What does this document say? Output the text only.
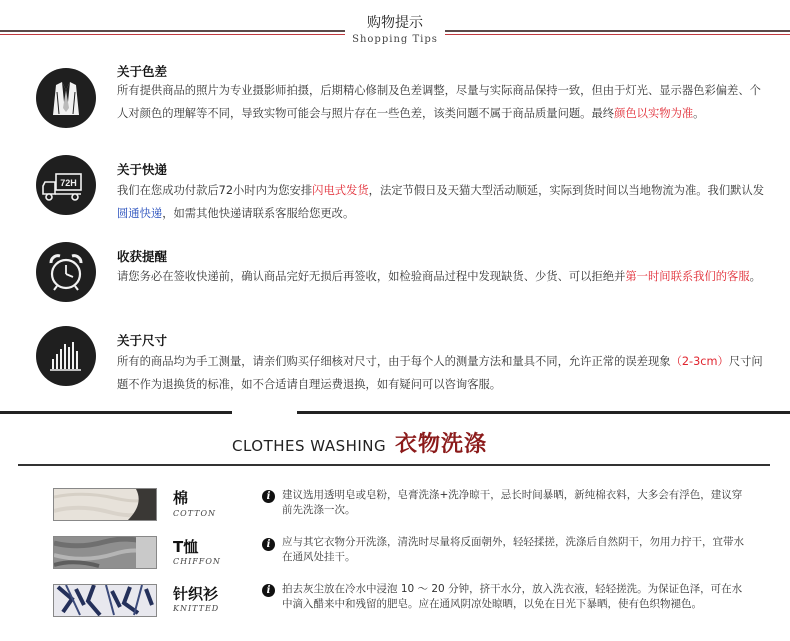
购物提示
Shopping Tips
关于色差
所有提供商品的照片为专业摄影师拍摄，后期精心修制及色差调整，尽量与实际商品保持一致，但由于灯光、显示器色彩偏差、个人对颜色的理解等不同，导致实物可能会与照片存在一些色差，该类问题不属于商品质量问题。最终颜色以实物为准。
72H
关于快递
我们在您成功付款后72小时内为您安排闪电式发货，法定节假日及天猫大型活动顺延，实际到货时间以当地物流为准。我们默认发圆通快递，如需其他快递请联系客服给您更改。
收获提醒
请您务必在签收快递前，确认商品完好无损后再签收，如检验商品过程中发现缺货、少货、可以拒绝并第一时间联系我们的客服。
关于尺寸
所有的商品均为手工测量，请亲们购买仔细核对尺寸，由于每个人的测量方法和量具不同，允许正常的误差现象（2-3cm）尺寸问题不作为退换货的标准，如不合适请自理运费退换，如有疑问可以咨询客服。
CLOTHES WASHING 衣物洗涤
棉
COTTON
i	建议选用透明皂或皂粉，皂膏洗涤+洗净晾干，忌长时间暴晒，新纯棉衣料，大多会有浮色，建议穿前先洗涤一次。
T恤
CHIFFON
i	应与其它衣物分开洗涤，清洗时尽量将反面朝外，轻轻揉搓，洗涤后自然阴干，勿用力拧干，宜带水在通风处挂干。
针织衫
KNITTED
i	拍去灰尘放在冷水中浸泡 10 ～ 20 分钟，挤干水分，放入洗衣液，轻轻搓洗。为保证色泽，可在水中滴入醋来中和残留的肥皂。应在通风阴凉处晾晒，以免在日光下暴晒，使有色织物褪色。
